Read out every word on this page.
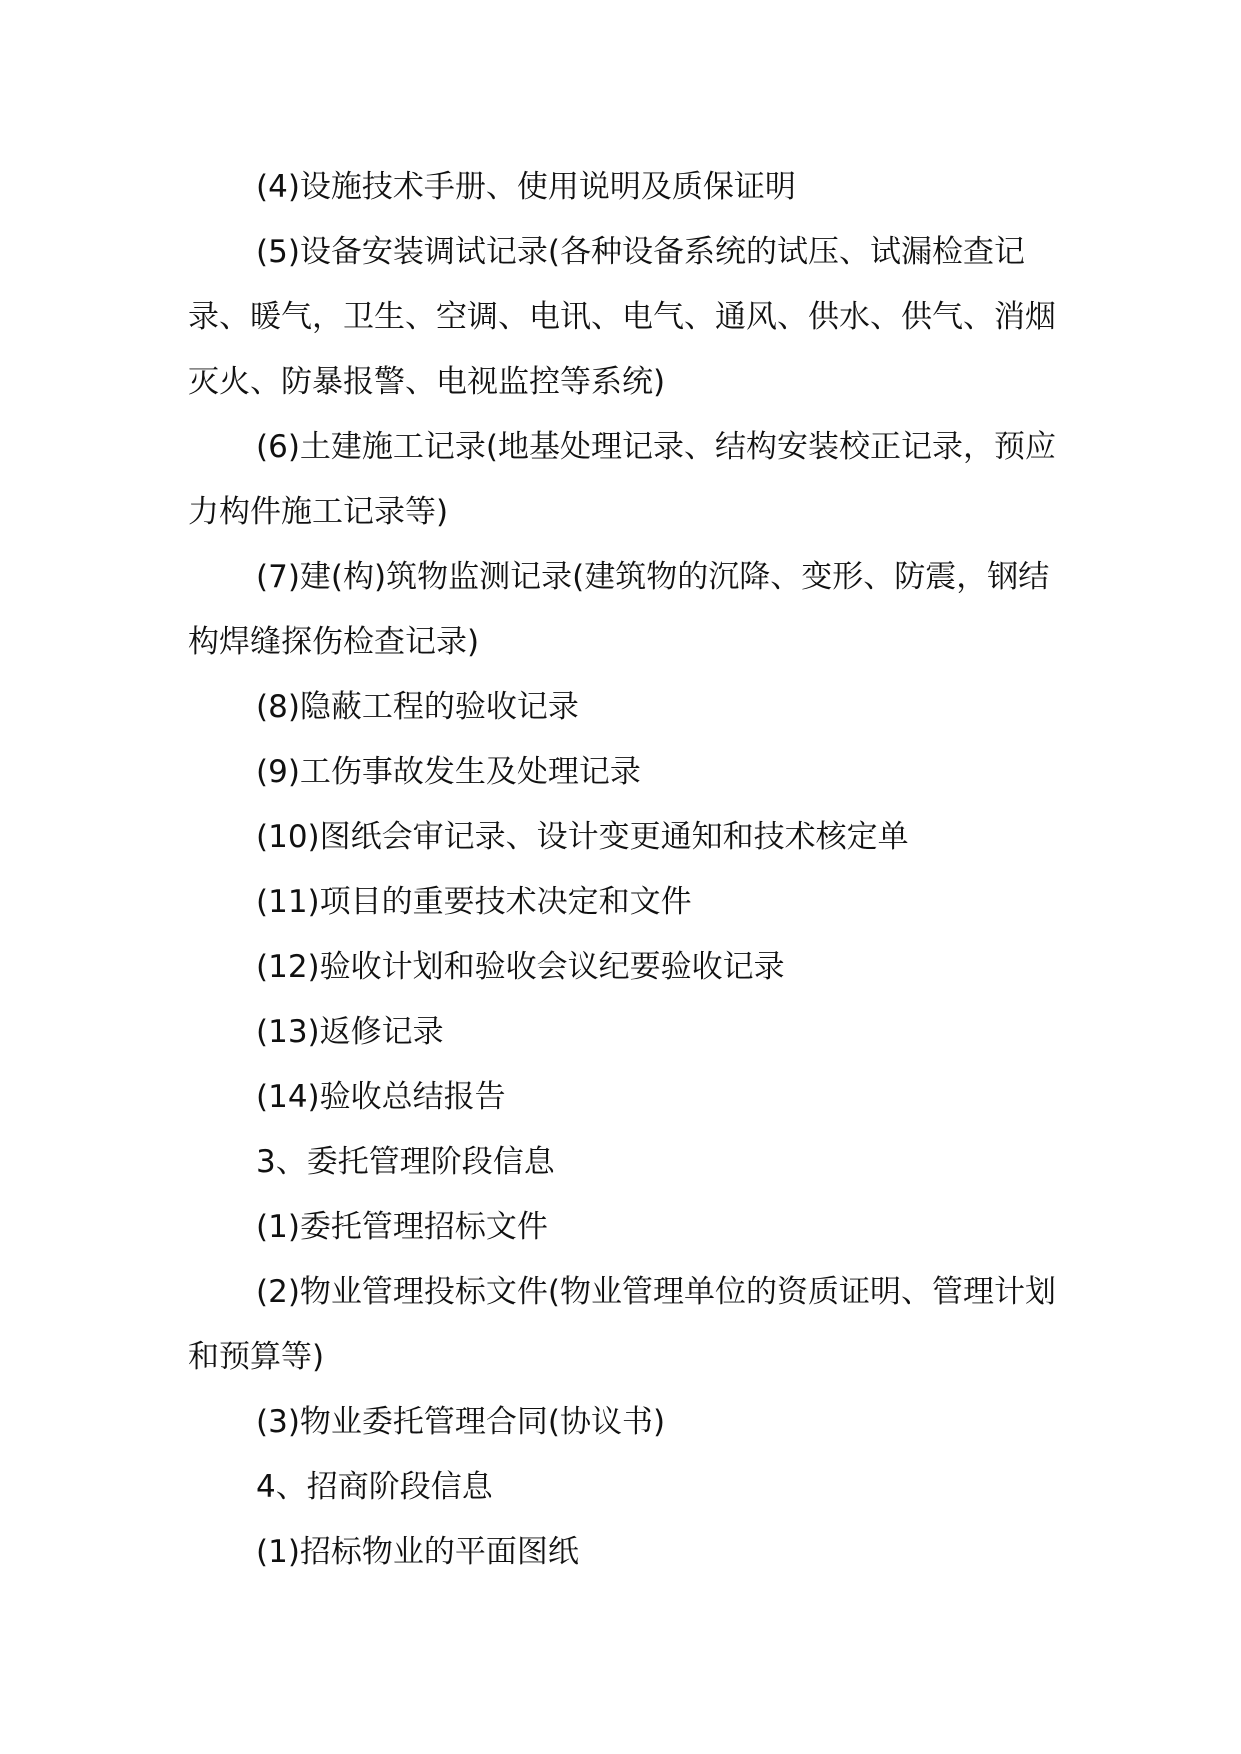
(4)设施技术手册、使用说明及质保证明

(5)设备安装调试记录(各种设备系统的试压、试漏检查记录、暖气，卫生、空调、电讯、电气、通风、供水、供气、消烟灭火、防暴报警、电视监控等系统)

(6)土建施工记录(地基处理记录、结构安装校正记录，预应力构件施工记录等)

(7)建(构)筑物监测记录(建筑物的沉降、变形、防震，钢结构焊缝探伤检查记录)

(8)隐蔽工程的验收记录

(9)工伤事故发生及处理记录

(10)图纸会审记录、设计变更通知和技术核定单

(11)项目的重要技术决定和文件

(12)验收计划和验收会议纪要验收记录

(13)返修记录

(14)验收总结报告

3、委托管理阶段信息

(1)委托管理招标文件

(2)物业管理投标文件(物业管理单位的资质证明、管理计划和预算等)

(3)物业委托管理合同(协议书)

4、招商阶段信息

(1)招标物业的平面图纸
